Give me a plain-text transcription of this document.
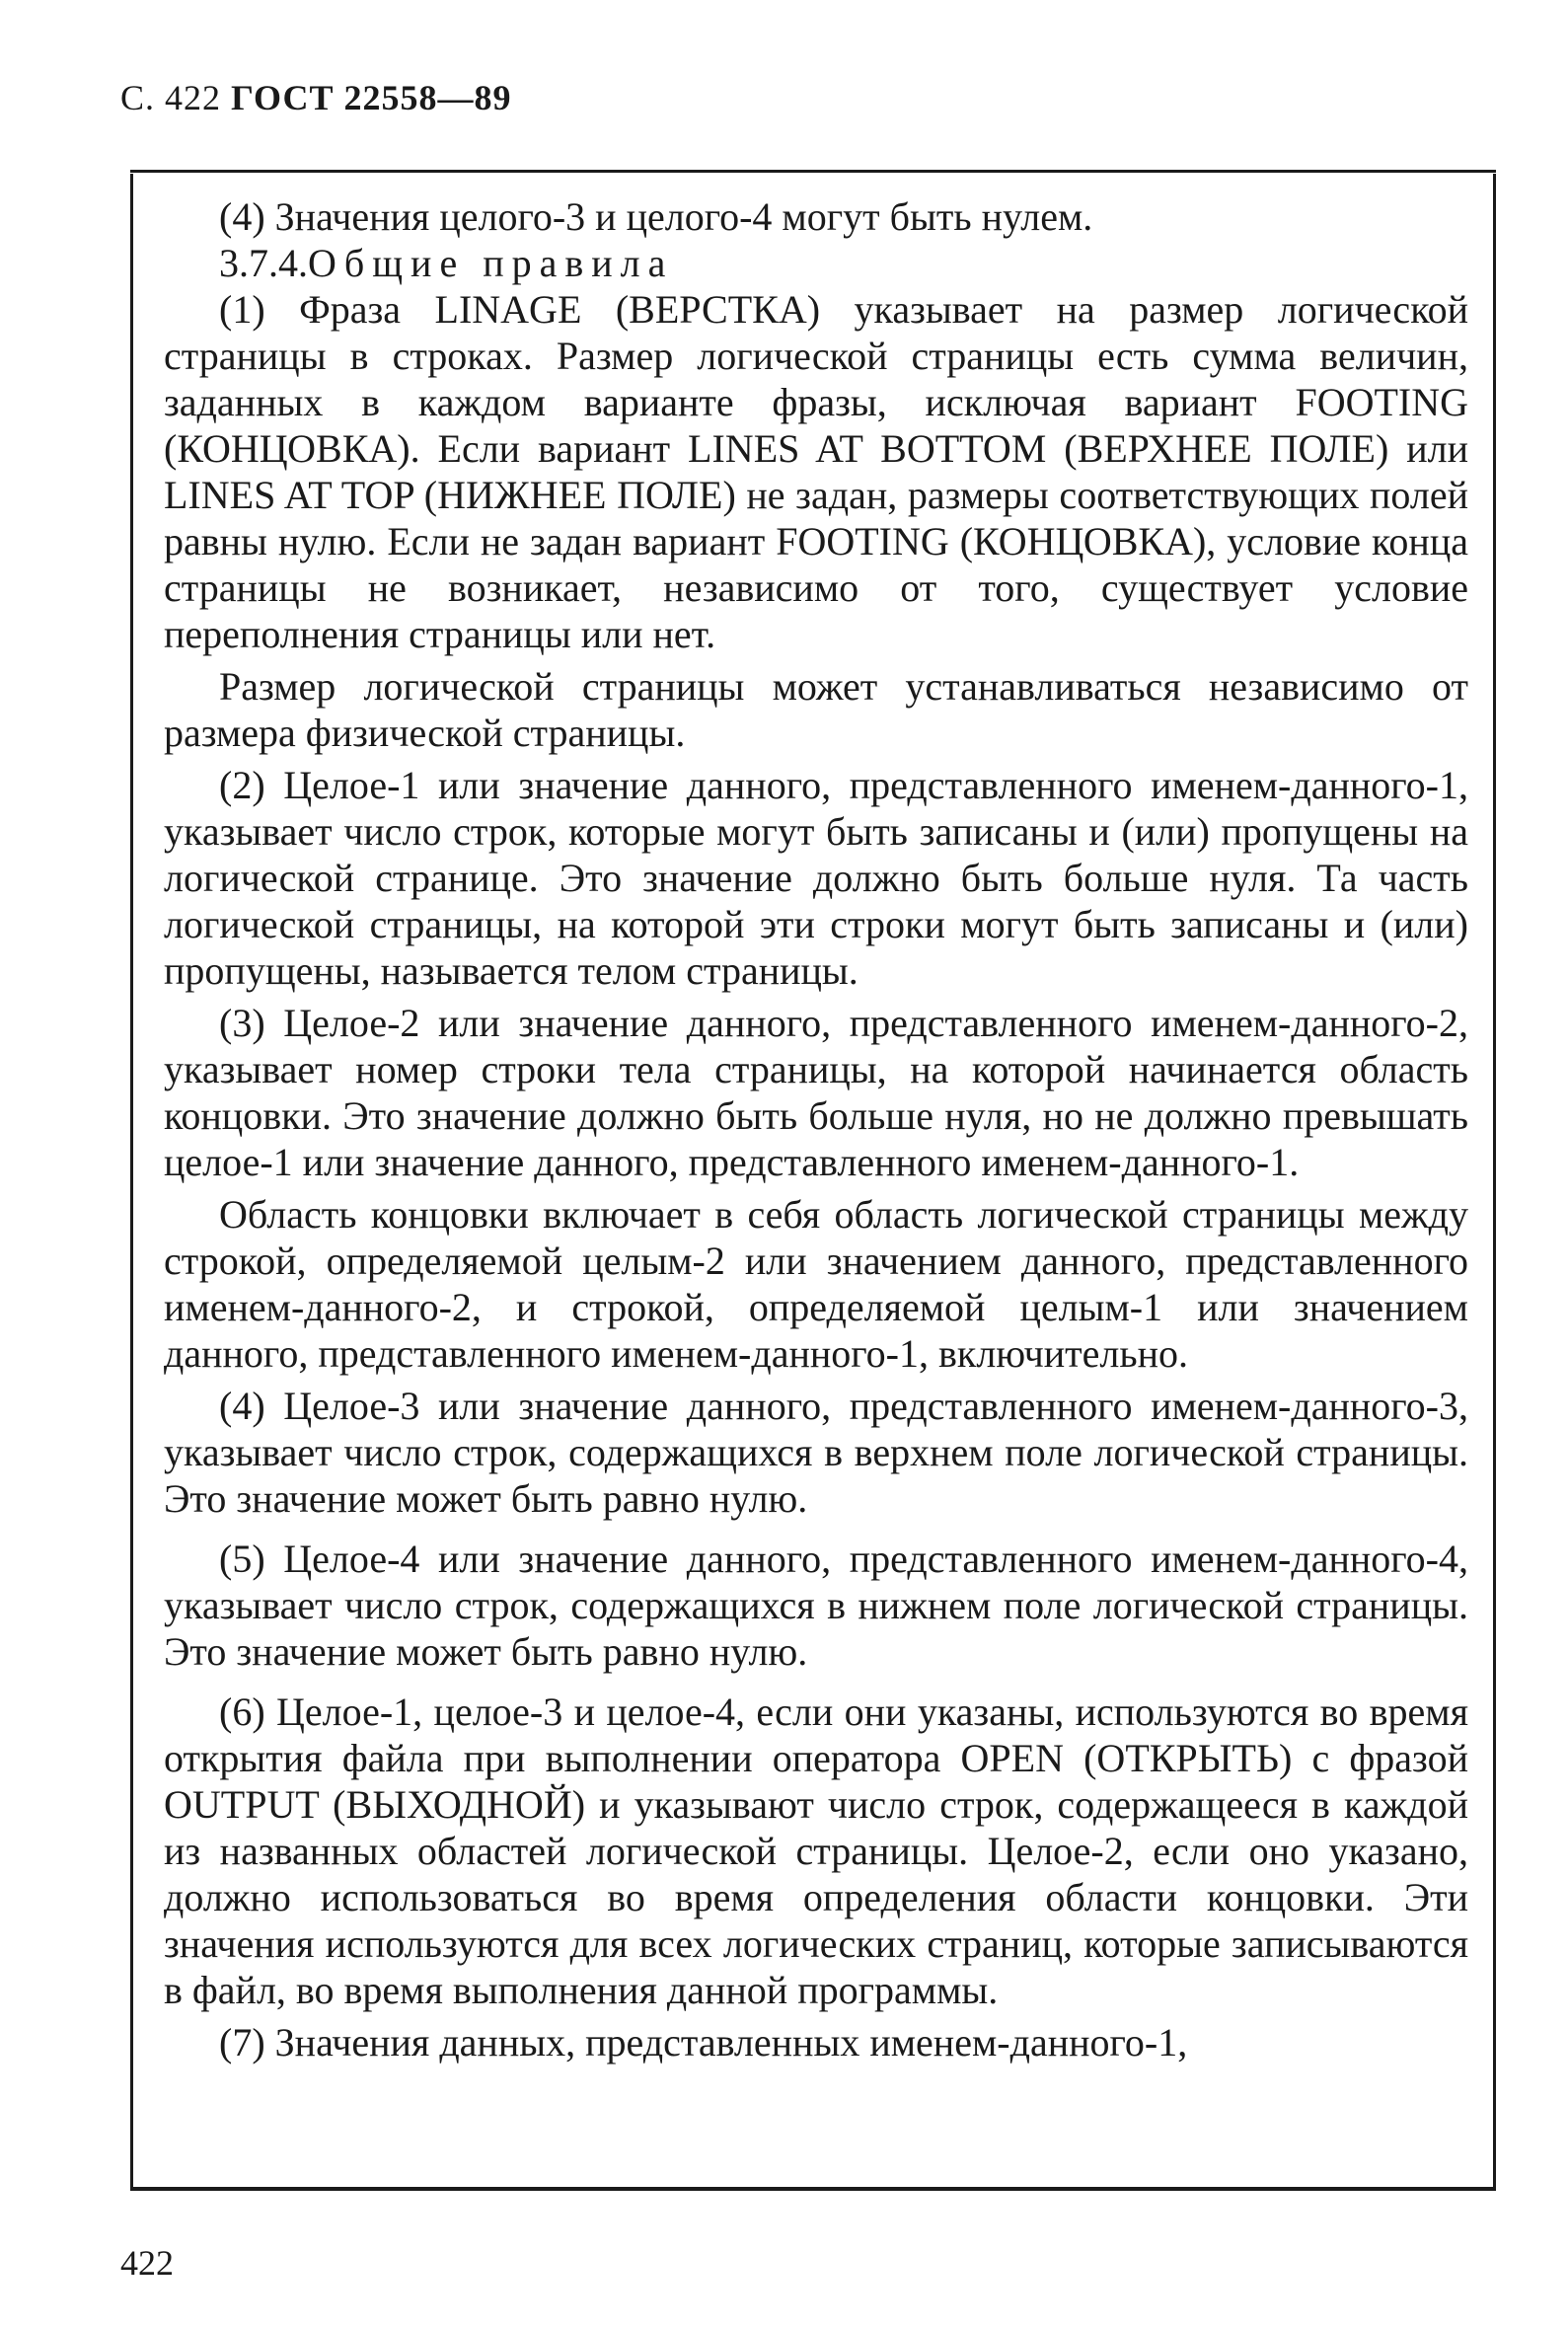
С. 422 ГОСТ 22558—89

(4) Значения целого-3 и целого-4 могут быть нулем.

3.7.4.Общие правила

(1) Фраза LINAGE (ВЕРСТКА) указывает на размер логической страницы в строках. Размер логической страницы есть сумма величин, заданных в каждом варианте фразы, исключая вариант FOOTING (КОНЦОВКА). Если вариант LINES AT BOTTOM (ВЕРХНЕЕ ПОЛЕ) или LINES AT TOP (НИЖНЕЕ ПОЛЕ) не задан, размеры соответствующих полей равны нулю. Если не задан вариант FOOTING (КОНЦОВКА), условие конца страницы не возникает, независимо от того, существует условие переполнения страницы или нет.

Размер логической страницы может устанавливаться независимо от размера физической страницы.

(2) Целое-1 или значение данного, представленного именем-данного-1, указывает число строк, которые могут быть записаны и (или) пропущены на логической странице. Это значение должно быть больше нуля. Та часть логической страницы, на которой эти строки могут быть записаны и (или) пропущены, называется телом страницы.

(3) Целое-2 или значение данного, представленного именем-данного-2, указывает номер строки тела страницы, на которой начинается область концовки. Это значение должно быть больше нуля, но не должно превышать целое-1 или значение данного, представленного именем-данного-1.

Область концовки включает в себя область логической страницы между строкой, определяемой целым-2 или значением данного, представленного именем-данного-2, и строкой, определяемой целым-1 или значением данного, представленного именем-данного-1, включительно.

(4) Целое-3 или значение данного, представленного именем-данного-3, указывает число строк, содержащихся в верхнем поле логической страницы. Это значение может быть равно нулю.

(5) Целое-4 или значение данного, представленного именем-данного-4, указывает число строк, содержащихся в нижнем поле логической страницы. Это значение может быть равно нулю.

(6) Целое-1, целое-3 и целое-4, если они указаны, используются во время открытия файла при выполнении оператора OPEN (ОТКРЫТЬ) с фразой OUTPUT (ВЫХОДНОЙ) и указывают число строк, содержащееся в каждой из названных областей логической страницы. Целое-2, если оно указано, должно использоваться во время определения области концовки. Эти значения используются для всех логических страниц, которые записываются в файл, во время выполнения данной программы.

(7) Значения данных, представленных именем-данного-1,

422
